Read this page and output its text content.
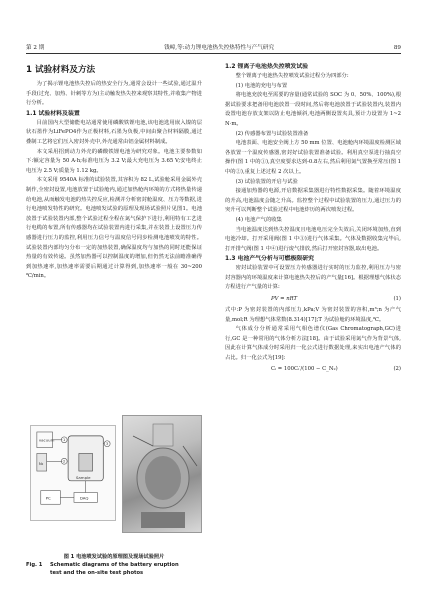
第 2 期	钱嶂,等:动力锂电池热失控热特性与产气研究	89
1 试验材料及方法

为了揭示锂电池热失控后的热安全行为,通常会设计一些试验,通过温升手段(过充、加热、针刺等方为)主动触发热失控来观察其特性,并收集产物进行分析。

1.1 试验材料及装置

目前国内大型储能电站通常使用磷酸铁锂电池,该电池选用嵌入镍的层状石墨作为LiFePO4作为正极材料,石墨为负极,中间由聚合材料隔膜,通过叠制工艺将它们压入密封外壳中,外壳通常由铝金属材料制成。

本文采用招到动力外壳的磷酸铁锂电池为研究对象。电池主要参数如下:额定容量为 50 A·h;标准电压为 3.2 V;最大充电压为 3.65 V;安电终止电压为 2.5 V;质量为 1.12 kg。

本文采用 9540A 标准的试验装置,其容积为 82 L,试验舱采用金属外壳制作,全密封设置,电池放置于试验舱内,通过加热舱内环境的方式将热量传递给电池,从而触发电池的热失控反应,检测并分析密封舱温度、压力等数据,进行电池喷发特性的研究。电池喷发试验的原理及现场试验照片见图1。电池放置于试验装置内部,整个试验过程全程在氮气保护下进行,利用特有工艺进行电缆的布置,所有传感器均在试验装置内进行采集,并在装置上设置压力传感器进行压力的监控,利用压力信号与温度信号同步检测电池喷发的特性。试验装置内部均匀分布一定的加热装置,确保温度均与加热的同时还能保证热量的有效传递。虽然加热器可以控制温度的增加,但仍然无法前瞻准确得到加热速率,加热速率需要后期通过计算得到,加热速率一般在 30~200 ℃/min。

vacuum
N₂
1
2
Sample
3
DAQ
PC
图 1 电池喷发试验的原理图及现场试验照片
Fig. 1	Schematic diagrams of the battery eruption
test and the on-site test photos
1.2 锂离子电池热失控喷发试验

整个锂离子电池热失控喷发试验过程分为四部分:

(1) 电池的充电与布置

将电池充放电至需要的容量(通常试验的 SOC 为 0、50%、100%),根据试验要求把备用电池放置一段时间,然后将电池放置于试验装置内,装置内设置电池存放支架以防止电池倾斜,电池两侧设置夹具,预计力设置为 1~2 N·m。

(2) 传感器布置与试验装置准备

电池表面、电池安全阀上方 50 mm 位置、电池舱内环境温度检测区域各放置一个温度传感器,密封好试验装置准备试验。利用真空泵进行抽真空操作(图 1 中的①),真空度要求达到-0.8左右,然后利用氮气置换至常压(图 1 中的②),重复上述过程 2 次以上。

(3) 试验装置的开启与试验

接通加热器的电源,开启数据采集器进行特性数据采集。随着环境温度的升高,电池温度会随之升高。监控整个过程中试验装置的压力,通过压力的突升可以判断整个试验过程中电池炸历的两次喷发过程。

(4) 电池产气的收集

当电池温度达到热失控温度且电池电压完全失效后,关闭环境加热,直到电池冷却。打开采用阀(图 1 中③)进行气体采集。气体及数据收集完毕后,打开排气阀(图 1 中④)进行废气排放,然后打开密封容器,取出电池。

1.3 电池产气分析与可燃极限研究

密封试验装置中可设置压力传感器进行实时的压力监控,利用压力与密封容器内的环境温度来计算电池热失控后的产气量[16]。根据理想气体状态方程进行产气量的计算:

PV = nRT	(1)

式中:P 为密封装置的内部压力,kPa;V 为密封装置的容积,m³;n 为产气量,mol;R 为理想气体常数(8.314)[17];T 为试验舱的环境温度,℃。

气体成分分析通常采用气相色谱仪(Gas Chromatograph,GC)进行,GC 是一种常用的气体分析方法[18]。由于试验采用氮气作为背景气体,因此在计算气体成分时采用归一化公式进行数据处理,来实出电池产气体的占比。归一化公式为[19]:

Cᵢ = 100Cᵢ′/(100 − C_N₂)	(2)
